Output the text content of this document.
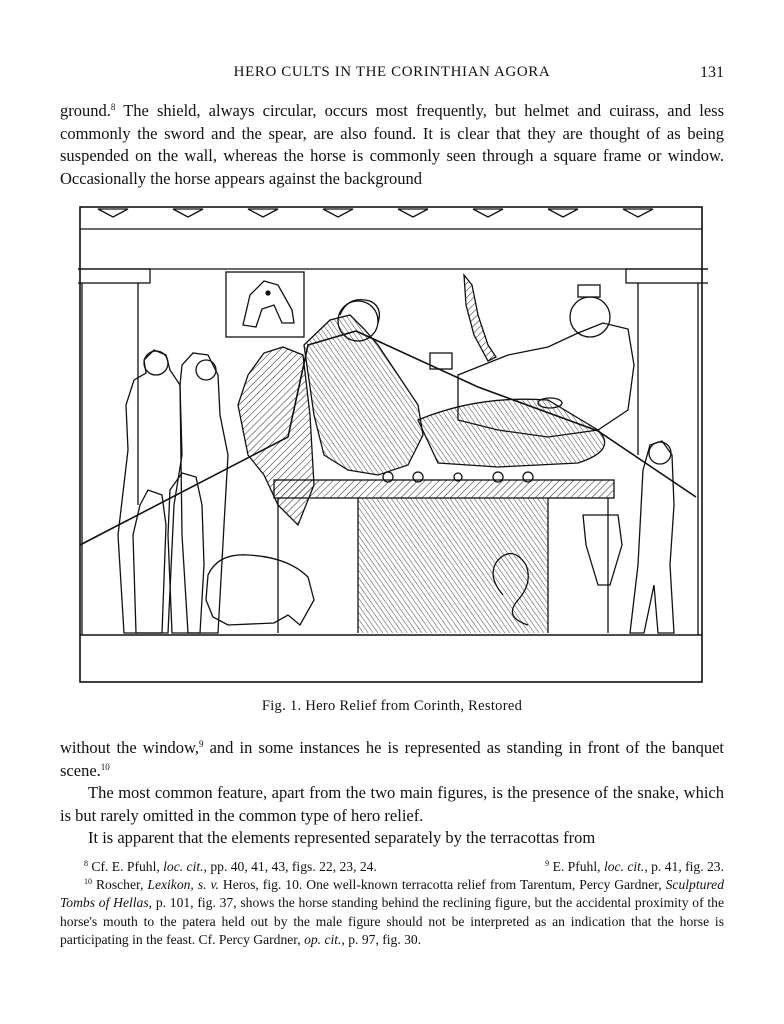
HERO CULTS IN THE CORINTHIAN AGORA	131

ground.$^8$ The shield, always circular, occurs most frequently, but helmet and cuirass, and less commonly the sword and the spear, are also found. It is clear that they are thought of as being suspended on the wall, whereas the horse is commonly seen through a square frame or window. Occasionally the horse appears against the background

Fig. 1. Hero Relief from Corinth, Restored

without the window,$^9$ and in some instances he is represented as standing in front of the banquet scene.$^{10}$

The most common feature, apart from the two main figures, is the presence of the snake, which is but rarely omitted in the common type of hero relief.

It is apparent that the elements represented separately by the terracottas from

$^8$ Cf. E. Pfuhl, loc. cit., pp. 40, 41, 43, figs. 22, 23, 24.	$^9$ E. Pfuhl, loc. cit., p. 41, fig. 23.

$^{10}$ Roscher, Lexikon, s. v. Heros, fig. 10. One well-known terracotta relief from Tarentum, Percy Gardner, Sculptured Tombs of Hellas, p. 101, fig. 37, shows the horse standing behind the reclining figure, but the accidental proximity of the horse's mouth to the patera held out by the male figure should not be interpreted as an indication that the horse is participating in the feast. Cf. Percy Gardner, op. cit., p. 97, fig. 30.
